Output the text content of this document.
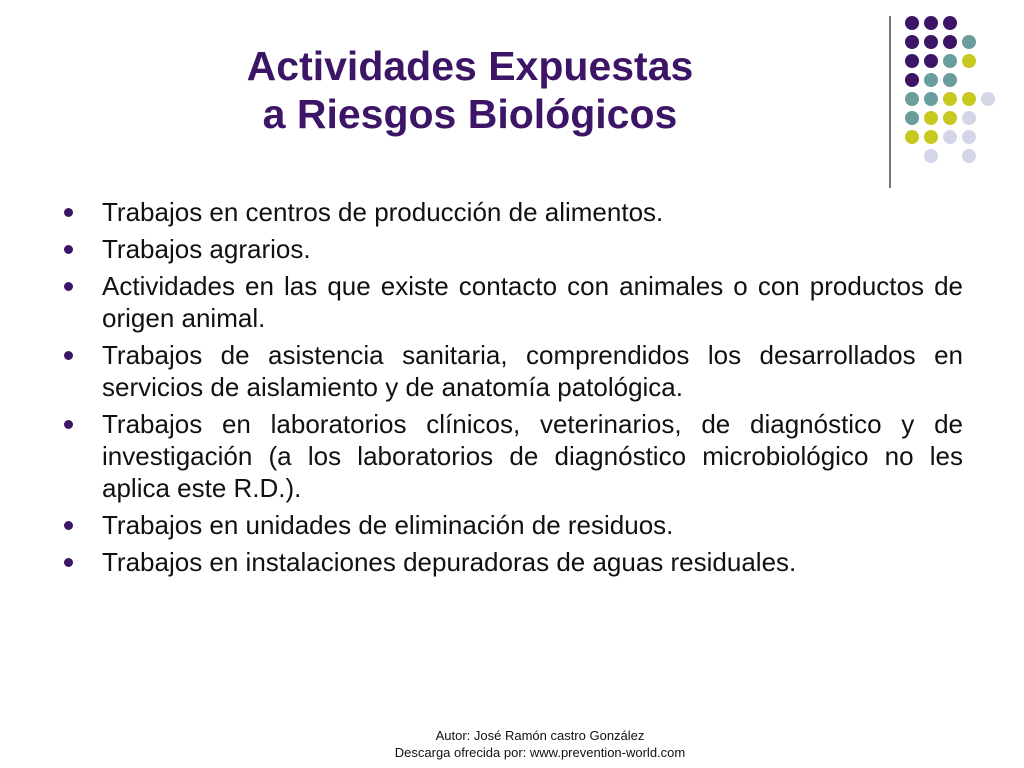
Actividades Expuestas
a Riesgos Biológicos
Trabajos en centros de producción de alimentos.
Trabajos agrarios.
Actividades en las que existe contacto con animales o con productos de origen animal.
Trabajos de asistencia sanitaria, comprendidos los desarrollados en servicios de aislamiento y de anatomía patológica.
Trabajos en laboratorios clínicos, veterinarios, de diagnóstico y de investigación (a los laboratorios de diagnóstico microbiológico no les aplica este R.D.).
Trabajos en unidades de eliminación de residuos.
Trabajos en instalaciones depuradoras de aguas residuales.
Autor: José Ramón castro González
Descarga ofrecida por: www.prevention-world.com
